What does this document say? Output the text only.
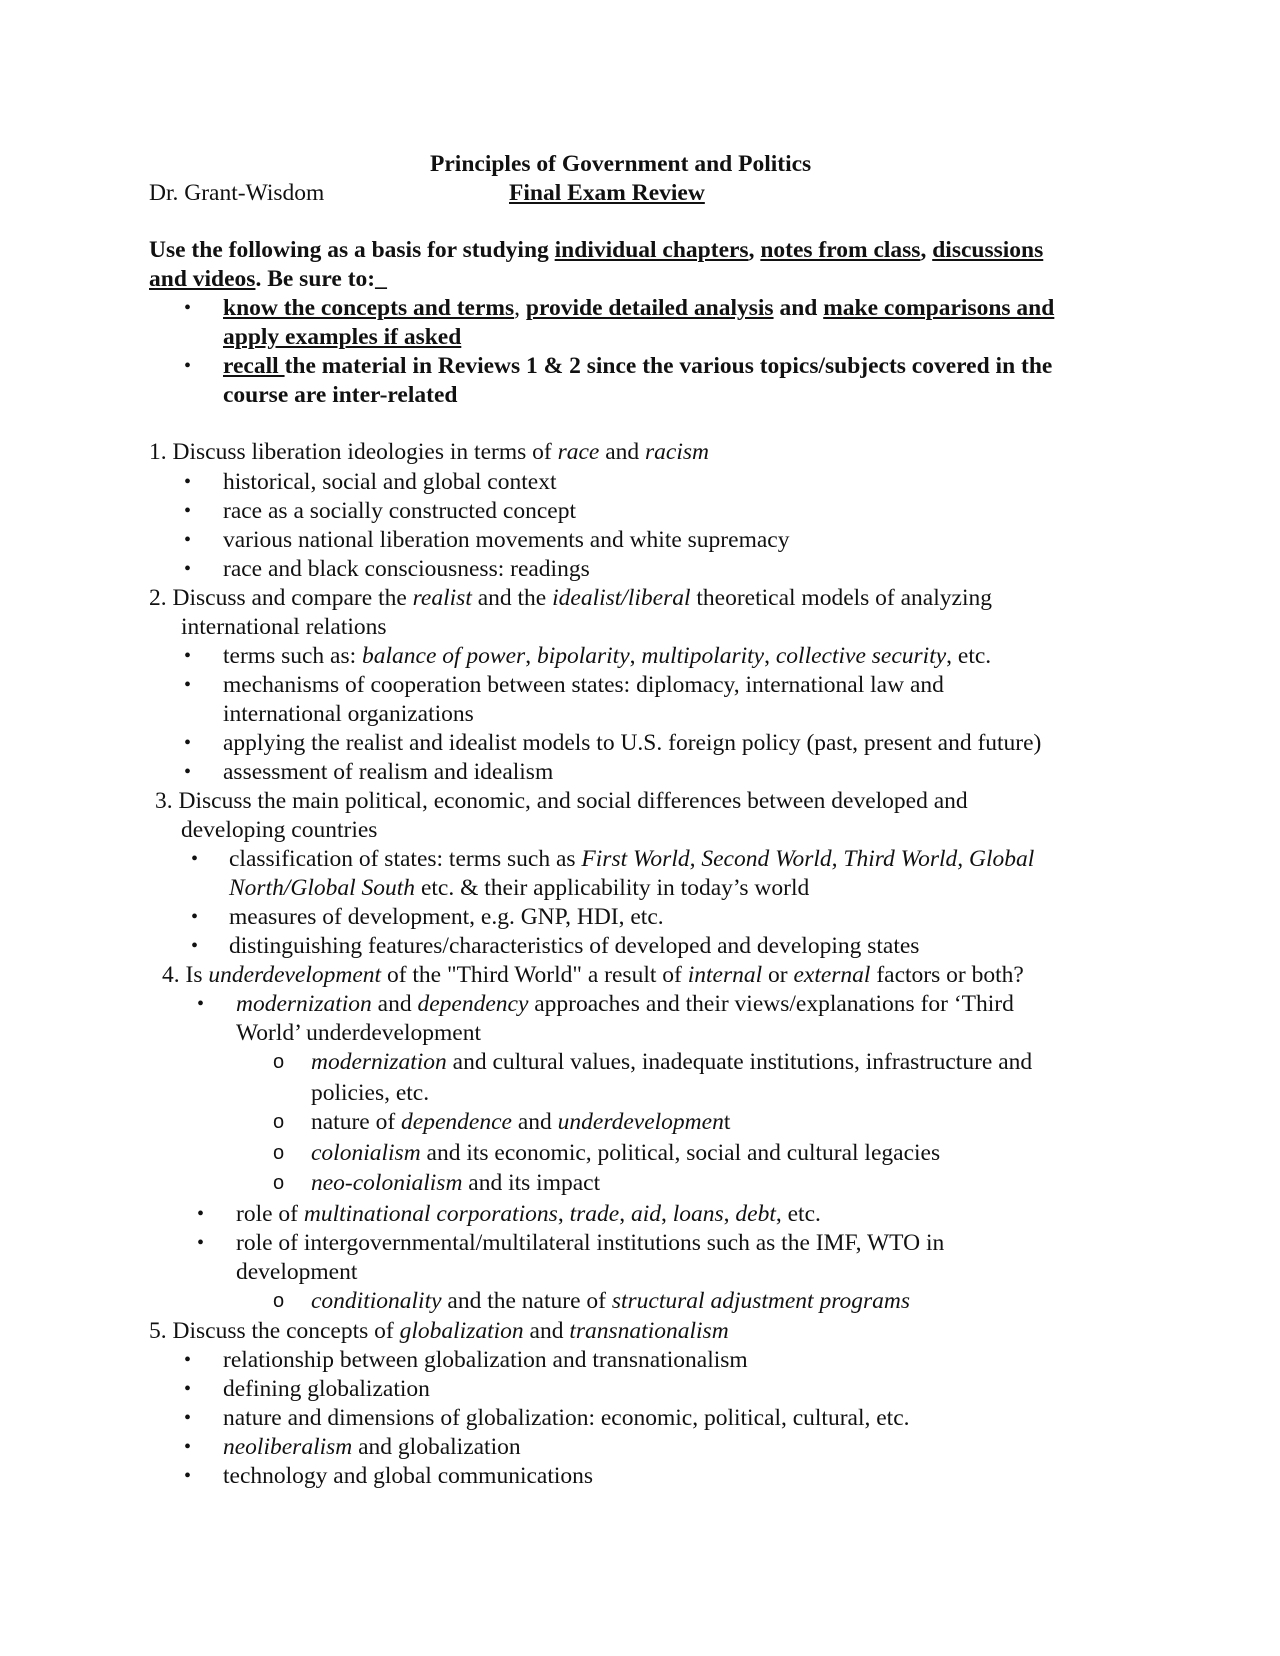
Principles of Government and Politics
Dr. Grant-Wisdom	Final Exam Review
Use the following as a basis for studying individual chapters, notes from class, discussions
and videos. Be sure to:_
• know the concepts and terms, provide detailed analysis and make comparisons and
apply examples if asked
• recall the material in Reviews 1 & 2 since the various topics/subjects covered in the
course are inter-related
1. Discuss liberation ideologies in terms of race and racism
• historical, social and global context
• race as a socially constructed concept
• various national liberation movements and white supremacy
• race and black consciousness: readings
2. Discuss and compare the realist and the idealist/liberal theoretical models of analyzing
international relations
• terms such as: balance of power, bipolarity, multipolarity, collective security, etc.
• mechanisms of cooperation between states: diplomacy, international law and
international organizations
• applying the realist and idealist models to U.S. foreign policy (past, present and future)
• assessment of realism and idealism
3. Discuss the main political, economic, and social differences between developed and
developing countries
• classification of states: terms such as First World, Second World, Third World, Global
North/Global South etc. & their applicability in today’s world
• measures of development, e.g. GNP, HDI, etc.
• distinguishing features/characteristics of developed and developing states
4. Is underdevelopment of the "Third World" a result of internal or external factors or both?
• modernization and dependency approaches and their views/explanations for ‘Third
World’ underdevelopment
o modernization and cultural values, inadequate institutions, infrastructure and
policies, etc.
o nature of dependence and underdevelopment
o colonialism and its economic, political, social and cultural legacies
o neo-colonialism and its impact
• role of multinational corporations, trade, aid, loans, debt, etc.
• role of intergovernmental/multilateral institutions such as the IMF, WTO in
development
o conditionality and the nature of structural adjustment programs
5. Discuss the concepts of globalization and transnationalism
• relationship between globalization and transnationalism
• defining globalization
• nature and dimensions of globalization: economic, political, cultural, etc.
• neoliberalism and globalization
• technology and global communications
